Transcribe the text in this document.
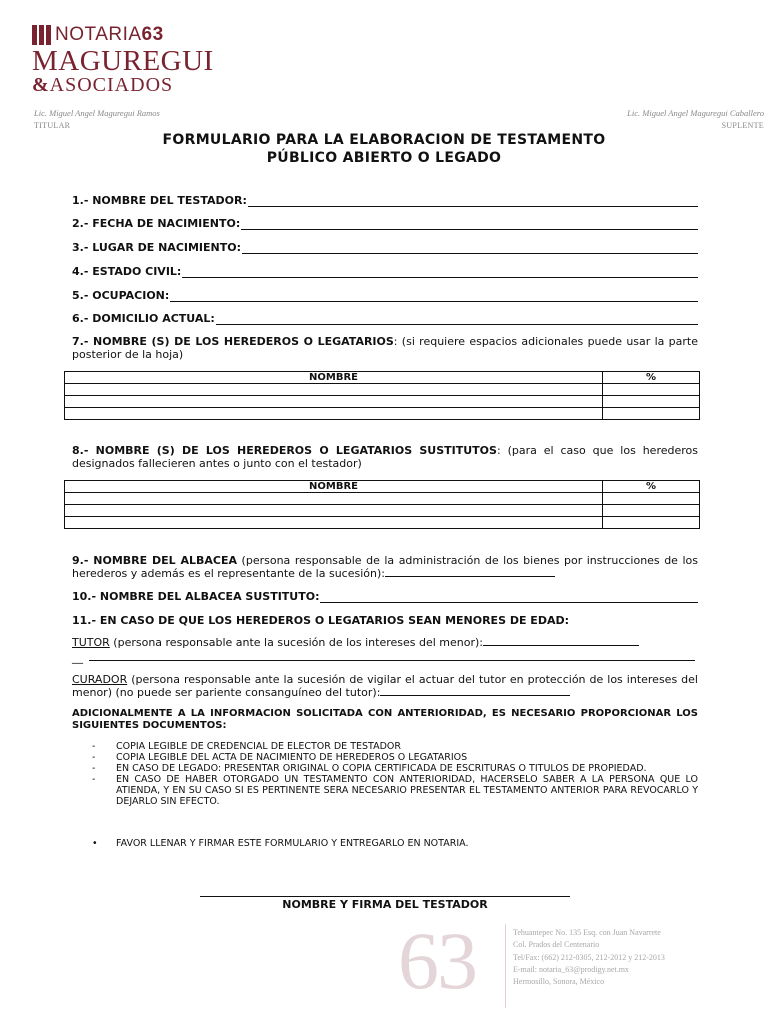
NOTARIA63
MAGUREGUI
&ASOCIADOS
Lic. Miguel Angel Maguregui Ramos
TITULAR
Lic. Miguel Angel Maguregui Caballero
SUPLENTE
FORMULARIO PARA LA ELABORACION DE TESTAMENTO
PÚBLICO ABIERTO O LEGADO
1.- NOMBRE DEL TESTADOR:
2.- FECHA DE NACIMIENTO:
3.- LUGAR DE NACIMIENTO:
4.- ESTADO CIVIL:
5.- OCUPACION:
6.- DOMICILIO ACTUAL:
7.- NOMBRE (S) DE LOS HEREDEROS O LEGATARIOS: (si requiere espacios adicionales puede usar la parte posterior de la hoja)
NOMBRE	%

8.- NOMBRE (S) DE LOS HEREDEROS O LEGATARIOS SUSTITUTOS: (para el caso que los herederos designados fallecieren antes o junto con el testador)
NOMBRE	%

9.- NOMBRE DEL ALBACEA (persona responsable de la administración de los bienes por instrucciones de los herederos y además es el representante de la sucesión):
10.- NOMBRE DEL ALBACEA SUSTITUTO:
11.- EN CASO DE QUE LOS HEREDEROS O LEGATARIOS SEAN MENORES DE EDAD:
TUTOR (persona responsable ante la sucesión de los intereses del menor):
__
CURADOR (persona responsable ante la sucesión de vigilar el actuar del tutor en protección de los intereses del menor) (no puede ser pariente consanguíneo del tutor):
ADICIONALMENTE A LA INFORMACION SOLICITADA CON ANTERIORIDAD, ES NECESARIO PROPORCIONAR LOS SIGUIENTES DOCUMENTOS:
- COPIA LEGIBLE DE CREDENCIAL DE ELECTOR DE TESTADOR
- COPIA LEGIBLE DEL ACTA DE NACIMIENTO DE HEREDEROS O LEGATARIOS
- EN CASO DE LEGADO: PRESENTAR ORIGINAL O COPIA CERTIFICADA DE ESCRITURAS O TITULOS DE PROPIEDAD.
- EN CASO DE HABER OTORGADO UN TESTAMENTO CON ANTERIORIDAD, HACERSELO SABER A LA PERSONA QUE LO ATIENDA, Y EN SU CASO SI ES PERTINENTE SERA NECESARIO PRESENTAR EL TESTAMENTO ANTERIOR PARA REVOCARLO Y DEJARLO SIN EFECTO.
•	FAVOR LLENAR Y FIRMAR ESTE FORMULARIO Y ENTREGARLO EN NOTARIA.
NOMBRE Y FIRMA DEL TESTADOR
63	Tehuantepec No. 135 Esq. con Juan Navarrete
Col. Prados del Centenario
Tel/Fax: (662) 212-0305, 212-2012 y 212-2013
E-mail: notaria_63@prodigy.net.mx
Hermosillo, Sonora, México
